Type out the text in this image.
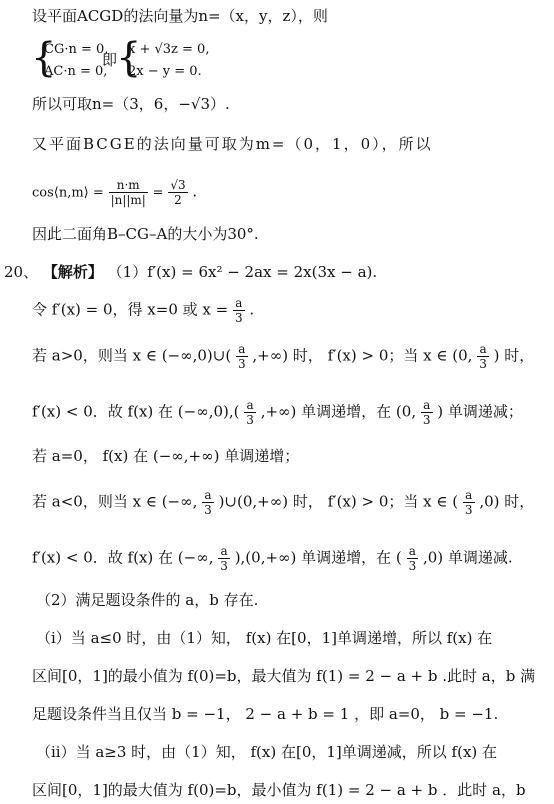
设平面ACGD的法向量为n=（x，y，z），则
{
CG·n = 0,
AC·n = 0,
即
{
x + √3z = 0,
2x − y = 0.
所以可取n=（3，6，−√3）.
又平面BCGE的法向量可取为m=（0，1，0），所以
cos⟨n,m⟩ = $\frac{n\cdot m}{|n||m|} = \frac{√3}{2}$ .
因此二面角B–CG–A的大小为30°.
20、 【解析】 （1）f′(x) = 6x² − 2ax = 2x(3x − a).
令 f′(x) = 0，得 x=0 或 $x = \frac{a}{3}$ .
若 a>0，则当 x ∈ (−∞,0)∪( $\frac{a}{3}$ ,+∞) 时， f′(x) > 0；当 x ∈ (0, $\frac{a}{3}$ ) 时，
f′(x) < 0．故 f(x) 在 $(-\infty,0),( \frac{a}{3}$ ,+∞) 单调递增，在 (0, $\frac{a}{3}$ ) 单调递减；
若 a=0， f(x) 在 (−∞,+∞) 单调递增；
若 a<0，则当 x ∈ (−∞, $\frac{a}{3}$ )∪(0,+∞) 时， f′(x) > 0；当 x ∈ ( $\frac{a}{3} ,0$) 时，
f′(x) < 0．故 f(x) 在 (−∞, $\frac{a}{3} ),(0,+\infty)$ 单调递增，在 ( $\frac{a}{3} ,0$) 单调递减.
（2）满足题设条件的 a，b 存在.
（i）当 a≤0 时，由（1）知， f(x) 在[0，1]单调递增，所以 f(x) 在
区间[0，1]的最小值为 f(0)=b，最大值为 f(1) = 2 − a + b .此时 a，b 满
足题设条件当且仅当 b = −1， 2 − a + b = 1 ，即 a=0， b = −1.
（ii）当 a≥3 时，由（1）知， f(x) 在[0，1]单调递减，所以 f(x) 在
区间[0，1]的最大值为 f(0)=b，最小值为 f(1) = 2 − a + b ．此时 a，b
